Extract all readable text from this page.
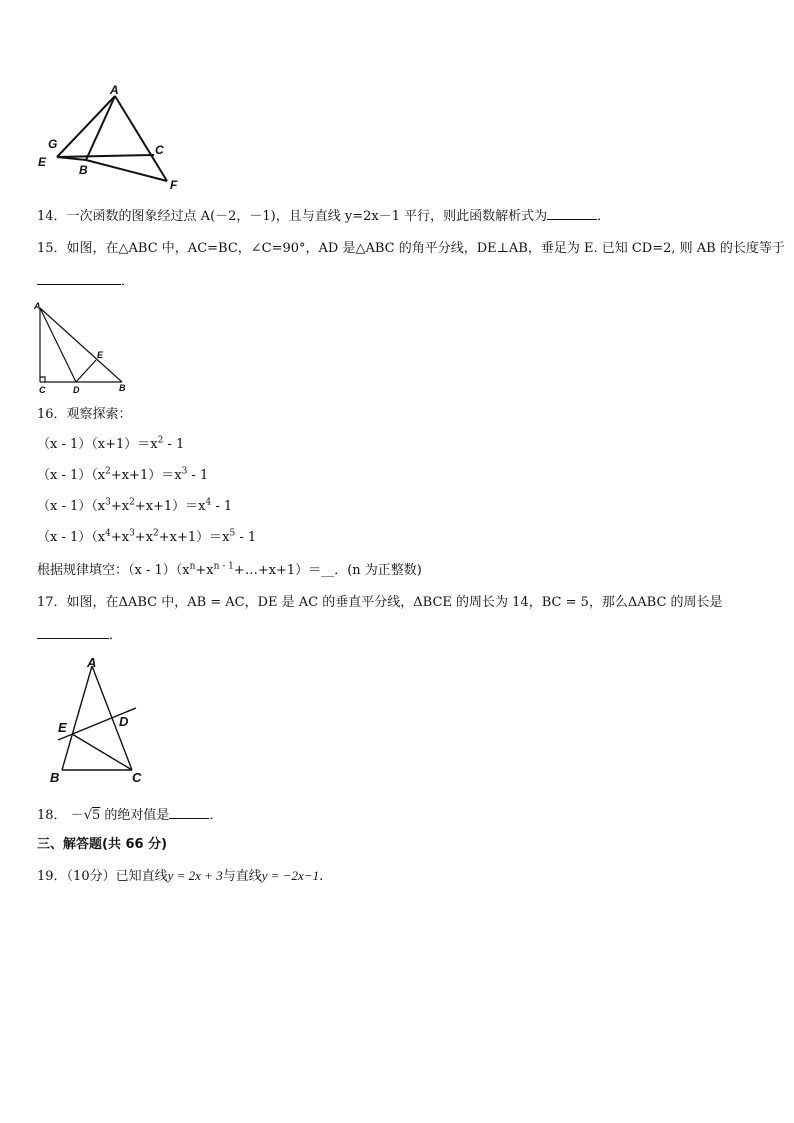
A
G
E
B
C
F
14．一次函数的图象经过点 A(－2，－1)，且与直线 y=2x－1 平行，则此函数解析式为	．
15．如图，在△ABC 中，AC=BC，∠C=90°，AD 是△ABC 的角平分线，DE⊥AB，垂足为 E. 已知 CD=2, 则 AB 的长度等于
．
A
E
C	D	B
16．观察探索：
$(x - 1)(x+1)=x^2 - 1$
$(x - 1)(x^2+x+1)=x^3 - 1$
$(x - 1)(x^3+x^2+x+1)=x^4 - 1$
$(x - 1)(x^4+x^3+x^2+x+1)=x^5 - 1$
根据规律填空：$(x - 1)(x^n+x^{n - 1}+\dots+x+1)=\_\_$．(n 为正整数)
17．如图，在ΔABC 中，AB = AC，DE 是 AC 的垂直平分线，ΔBCE 的周长为 14，BC = 5，那么ΔABC 的周长是
．
A
E	D
B	C
18． －√5 的绝对值是	．
三、解答题(共 66 分)
19．（10分）已知直线y = 2x + 3与直线y = −2x−1.
